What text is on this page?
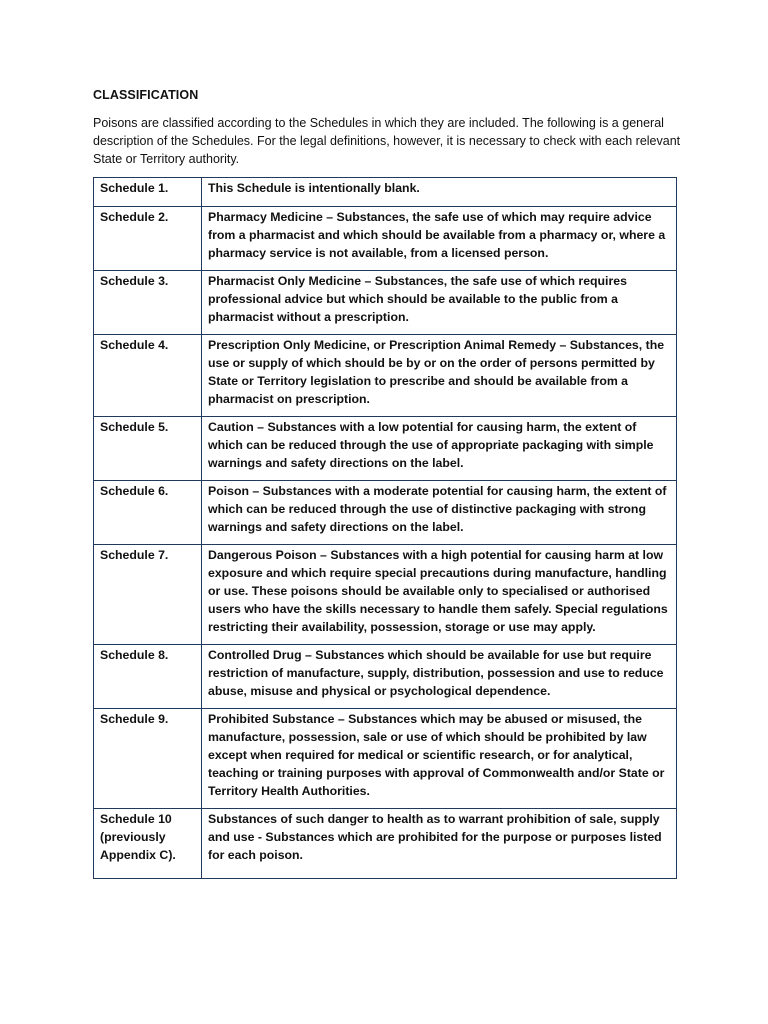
CLASSIFICATION
Poisons are classified according to the Schedules in which they are included. The following is a general description of the Schedules. For the legal definitions, however, it is necessary to check with each relevant State or Territory authority.
Schedule 1.	This Schedule is intentionally blank.
Schedule 2.	Pharmacy Medicine – Substances, the safe use of which may require advice from a pharmacist and which should be available from a pharmacy or, where a pharmacy service is not available, from a licensed person.
Schedule 3.	Pharmacist Only Medicine – Substances, the safe use of which requires professional advice but which should be available to the public from a pharmacist without a prescription.
Schedule 4.	Prescription Only Medicine, or Prescription Animal Remedy – Substances, the use or supply of which should be by or on the order of persons permitted by State or Territory legislation to prescribe and should be available from a pharmacist on prescription.
Schedule 5.	Caution – Substances with a low potential for causing harm, the extent of which can be reduced through the use of appropriate packaging with simple warnings and safety directions on the label.
Schedule 6.	Poison – Substances with a moderate potential for causing harm, the extent of which can be reduced through the use of distinctive packaging with strong warnings and safety directions on the label.
Schedule 7.	Dangerous Poison – Substances with a high potential for causing harm at low exposure and which require special precautions during manufacture, handling or use. These poisons should be available only to specialised or authorised users who have the skills necessary to handle them safely. Special regulations restricting their availability, possession, storage or use may apply.
Schedule 8.	Controlled Drug – Substances which should be available for use but require restriction of manufacture, supply, distribution, possession and use to reduce abuse, misuse and physical or psychological dependence.
Schedule 9.	Prohibited Substance – Substances which may be abused or misused, the manufacture, possession, sale or use of which should be prohibited by law except when required for medical or scientific research, or for analytical, teaching or training purposes with approval of Commonwealth and/or State or Territory Health Authorities.
Schedule 10 (previously Appendix C).	Substances of such danger to health as to warrant prohibition of sale, supply and use - Substances which are prohibited for the purpose or purposes listed for each poison.
